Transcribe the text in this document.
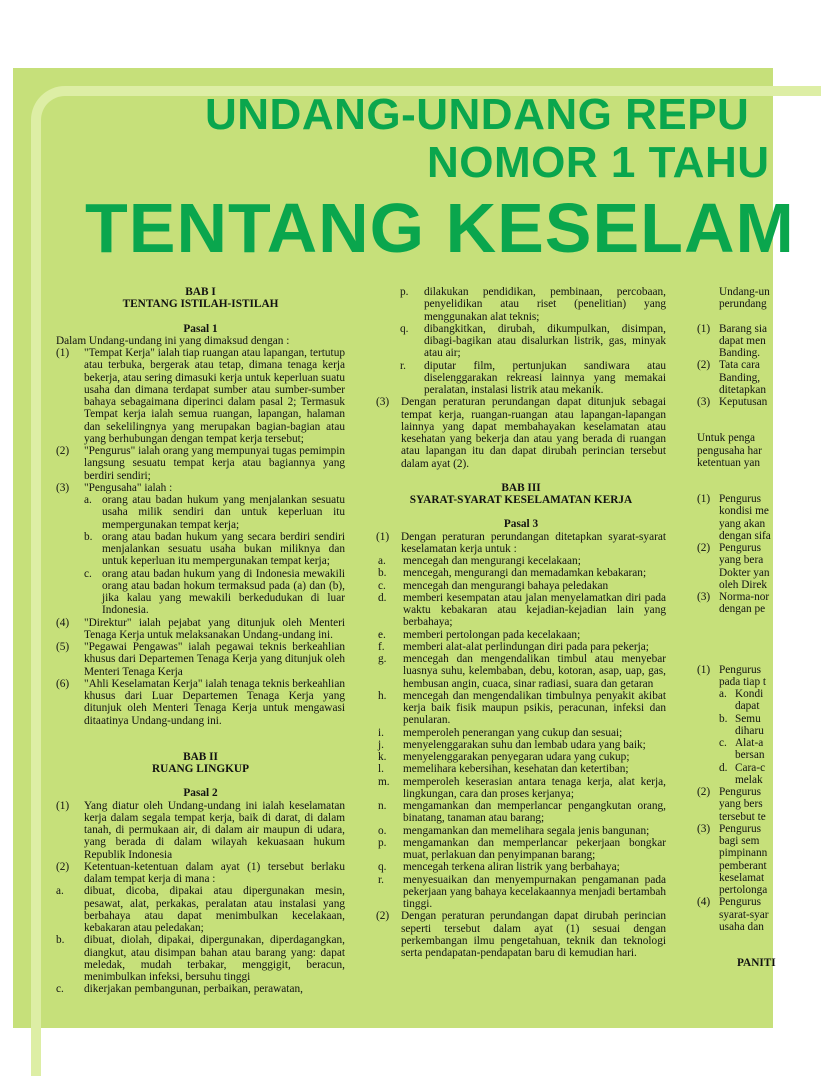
UNDANG-UNDANG REPU
NOMOR 1 TAHU
TENTANG KESELAM
BAB I
TENTANG ISTILAH-ISTILAH
Pasal 1
Dalam Undang-undang ini yang dimaksud dengan :
(1)	"Tempat Kerja" ialah tiap ruangan atau lapangan, tertutup atau terbuka, bergerak atau tetap, dimana tenaga kerja bekerja, atau sering dimasuki kerja untuk keperluan suatu usaha dan dimana terdapat sumber atau sumber-sumber bahaya sebagaimana diperinci dalam pasal 2; Termasuk Tempat kerja ialah semua ruangan, lapangan, halaman dan sekelilingnya yang merupakan bagian-bagian atau yang berhubungan dengan tempat kerja tersebut;
(2)	"Pengurus" ialah orang yang mempunyai tugas pemimpin langsung sesuatu tempat kerja atau bagiannya yang berdiri sendiri;
(3)	"Pengusaha" ialah :
a. orang atau badan hukum yang menjalankan sesuatu usaha milik sendiri dan untuk keperluan itu mempergunakan tempat kerja;
b. orang atau badan hukum yang secara berdiri sendiri menjalankan sesuatu usaha bukan miliknya dan untuk keperluan itu mempergunakan tempat kerja;
c. orang atau badan hukum yang di Indonesia mewakili orang atau badan hokum termaksud pada (a) dan (b), jika kalau yang mewakili berkedudukan di luar Indonesia.
(4)	"Direktur" ialah pejabat yang ditunjuk oleh Menteri Tenaga Kerja untuk melaksanakan Undang-undang ini.
(5)	"Pegawai Pengawas" ialah pegawai teknis berkeahlian khusus dari Departemen Tenaga Kerja yang ditunjuk oleh Menteri Tenaga Kerja
(6)	"Ahli Keselamatan Kerja" ialah tenaga teknis berkeahlian khusus dari Luar Departemen Tenaga Kerja yang ditunjuk oleh Menteri Tenaga Kerja untuk mengawasi ditaatinya Undang-undang ini.
BAB II
RUANG LINGKUP
Pasal 2
(1)	Yang diatur oleh Undang-undang ini ialah keselamatan kerja dalam segala tempat kerja, baik di darat, di dalam tanah, di permukaan air, di dalam air maupun di udara, yang berada di dalam wilayah kekuasaan hukum Republik Indonesia
(2)	Ketentuan-ketentuan dalam ayat (1) tersebut berlaku dalam tempat kerja di mana :
a.	dibuat, dicoba, dipakai atau dipergunakan mesin, pesawat, alat, perkakas, peralatan atau instalasi yang berbahaya atau dapat menimbulkan kecelakaan, kebakaran atau peledakan;
b.	dibuat, diolah, dipakai, dipergunakan, diperdagangkan, diangkut, atau disimpan bahan atau barang yang: dapat meledak, mudah terbakar, menggigit, beracun, menimbulkan infeksi, bersuhu tinggi
c.	dikerjakan pembangunan, perbaikan, perawatan,
p.	dilakukan pendidikan, pembinaan, percobaan, penyelidikan atau riset (penelitian) yang menggunakan alat teknis;
q.	dibangkitkan, dirubah, dikumpulkan, disimpan, dibagi-bagikan atau disalurkan listrik, gas, minyak atau air;
r.	diputar film, pertunjukan sandiwara atau diselenggarakan rekreasi lainnya yang memakai peralatan, instalasi listrik atau mekanik.
(3)	Dengan peraturan perundangan dapat ditunjuk sebagai tempat kerja, ruangan-ruangan atau lapangan-lapangan lainnya yang dapat membahayakan keselamatan atau kesehatan yang bekerja dan atau yang berada di ruangan atau lapangan itu dan dapat dirubah perincian tersebut dalam ayat (2).
BAB III
SYARAT-SYARAT KESELAMATAN KERJA
Pasal 3
(1)	Dengan peraturan perundangan ditetapkan syarat-syarat keselamatan kerja untuk :
a.	mencegah dan mengurangi kecelakaan;
b.	mencegah, mengurangi dan memadamkan kebakaran;
c.	mencegah dan mengurangi bahaya peledakan
d.	memberi kesempatan atau jalan menyelamatkan diri pada waktu kebakaran atau kejadian-kejadian lain yang berbahaya;
e.	memberi pertolongan pada kecelakaan;
f.	memberi alat-alat perlindungan diri pada para pekerja;
g.	mencegah dan mengendalikan timbul atau menyebar luasnya suhu, kelembaban, debu, kotoran, asap, uap, gas, hembusan angin, cuaca, sinar radiasi, suara dan getaran
h.	mencegah dan mengendalikan timbulnya penyakit akibat kerja baik fisik maupun psikis, peracunan, infeksi dan penularan.
i.	memperoleh penerangan yang cukup dan sesuai;
j.	menyelenggarakan suhu dan lembab udara yang baik;
k.	menyelenggarakan penyegaran udara yang cukup;
l.	memelihara kebersihan, kesehatan dan ketertiban;
m.	memperoleh keserasian antara tenaga kerja, alat kerja, lingkungan, cara dan proses kerjanya;
n.	mengamankan dan memperlancar pengangkutan orang, binatang, tanaman atau barang;
o.	mengamankan dan memelihara segala jenis bangunan;
p.	mengamankan dan memperlancar pekerjaan bongkar muat, perlakuan dan penyimpanan barang;
q.	mencegah terkena aliran listrik yang berbahaya;
r.	menyesuaikan dan menyempurnakan pengamanan pada pekerjaan yang bahaya kecelakaannya menjadi bertambah tinggi.
(2)	Dengan peraturan perundangan dapat dirubah perincian seperti tersebut dalam ayat (1) sesuai dengan perkembangan ilmu pengetahuan, teknik dan teknologi serta pendapatan-pendapatan baru di kemudian hari.
Undang-un
perundang
(1) Barang sia
dapat men
Banding.
(2) Tata cara
Banding,
ditetapkan
(3) Keputusan
Untuk penga
pengusaha har
ketentuan yan
(1) Pengurus
kondisi me
yang akan
dengan sifa
(2) Pengurus
yang bera
Dokter yan
oleh Direk
(3) Norma-nor
dengan pe
(1) Pengurus
pada tiap t
a. Kondi
dapat
b. Semu
diharu
c. Alat-a
bersan
d. Cara-c
melak
(2) Pengurus
yang bers
tersebut te
(3) Pengurus
bagi sem
pimpinann
pemberant
keselamat
pertolonga
(4) Pengurus
syarat-syar
usaha dan
PANITI
